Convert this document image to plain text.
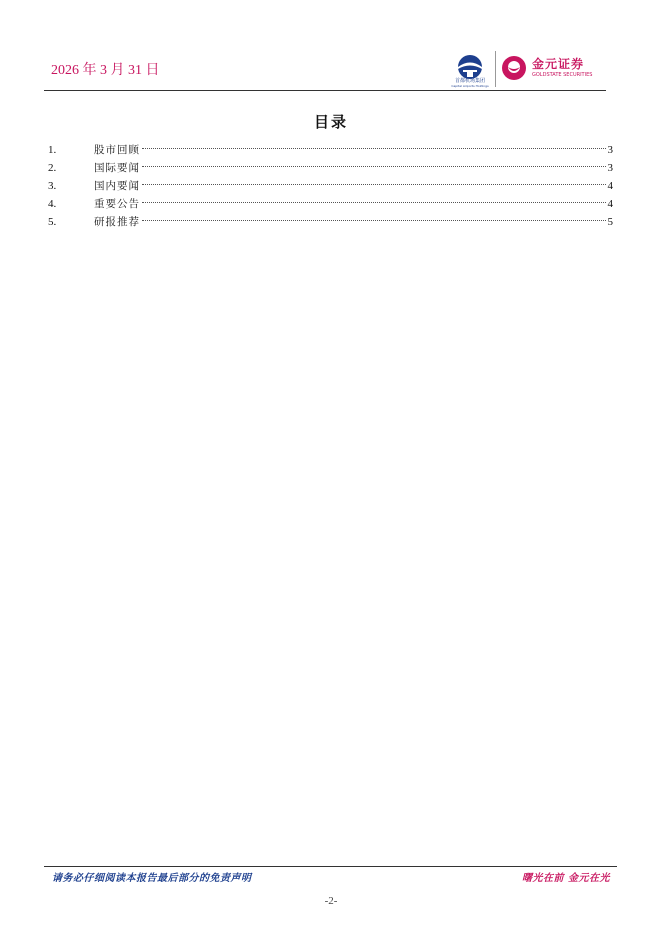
2026 年 3 月 31 日
首都机场集团
Capital Airports Holdings
金元证券
GOLDSTATE SECURITIES
目录
1.	股市回顾	3
2.	国际要闻	3
3.	国内要闻	4
4.	重要公告	4
5.	研报推荐	5
请务必仔细阅读本报告最后部分的免责声明	曙光在前 金元在光
-2-
